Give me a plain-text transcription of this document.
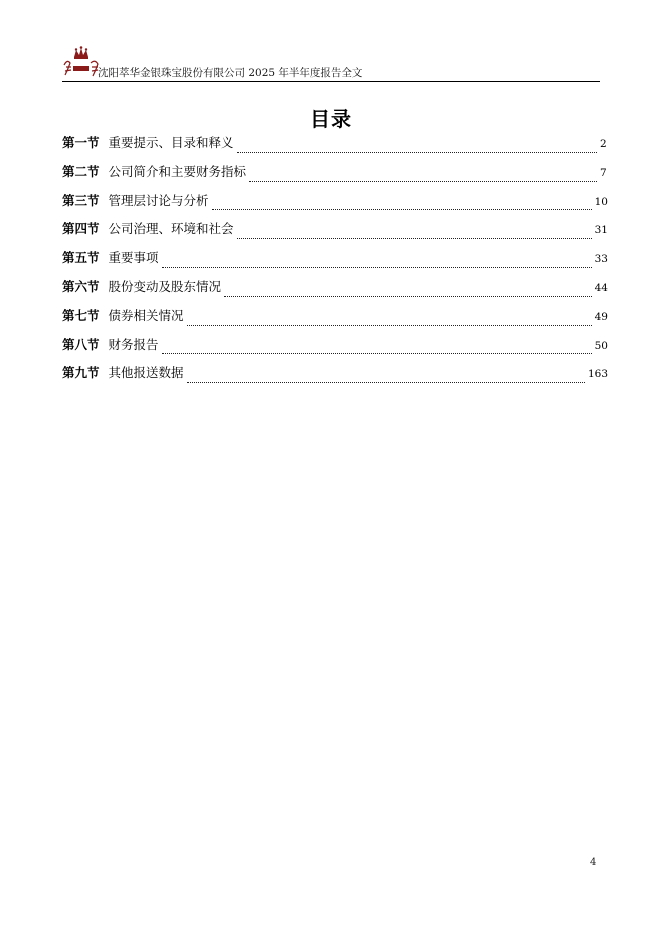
沈阳萃华金银珠宝股份有限公司 2025 年半年度报告全文
目录
第一节 重要提示、目录和释义	2
第二节 公司简介和主要财务指标	7
第三节 管理层讨论与分析	10
第四节 公司治理、环境和社会	31
第五节 重要事项	33
第六节 股份变动及股东情况	44
第七节 债券相关情况	49
第八节 财务报告	50
第九节 其他报送数据	163
4
